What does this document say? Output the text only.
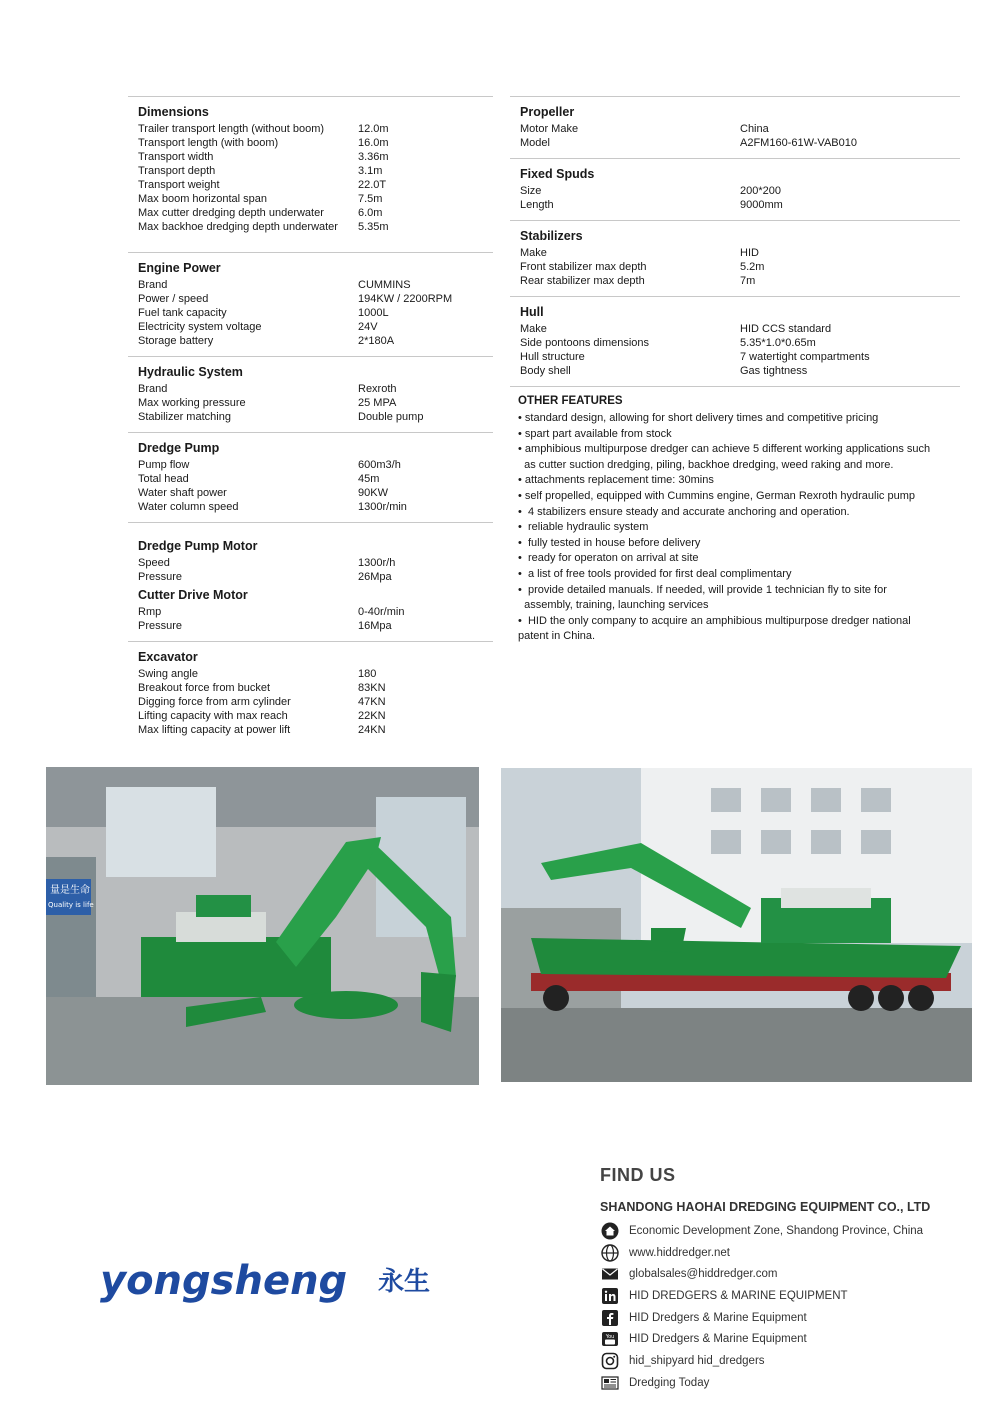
Dimensions
Trailer transport length (without boom)	12.0m
Transport length (with boom)	16.0m
Transport width	3.36m
Transport depth	3.1m
Transport weight	22.0T
Max boom horizontal span	7.5m
Max cutter dredging depth underwater	6.0m
Max backhoe dredging depth underwater	5.35m
Engine Power
Brand	CUMMINS
Power / speed	194KW / 2200RPM
Fuel tank capacity	1000L
Electricity system voltage	24V
Storage battery	2*180A
Hydraulic System
Brand	Rexroth
Max working pressure	25 MPA
Stabilizer matching	Double pump
Dredge Pump
Pump flow	600m3/h
Total head	45m
Water shaft power	90KW
Water column speed	1300r/min
Dredge Pump Motor
Speed	1300r/h
Pressure	26Mpa
Cutter Drive Motor
Rmp	0-40r/min
Pressure	16Mpa
Excavator
Swing angle	180
Breakout force from bucket	83KN
Digging force from arm cylinder	47KN
Lifting capacity with max reach	22KN
Max lifting capacity at power lift	24KN
Propeller
Motor Make	China
Model	A2FM160-61W-VAB010
Fixed Spuds
Size	200*200
Length	9000mm
Stabilizers
Make	HID
Front stabilizer max depth	5.2m
Rear stabilizer max depth	7m
Hull
Make	HID CCS standard
Side pontoons dimensions	5.35*1.0*0.65m
Hull structure	7 watertight compartments
Body shell	Gas tightness
OTHER FEATURES
• standard design, allowing for short delivery times and competitive pricing
• spart part available from stock
• amphibious multipurpose dredger can achieve 5 different working applications such
as cutter suction dredging, piling, backhoe dredging, weed raking and more.
• attachments replacement time: 30mins
• self propelled, equipped with Cummins engine, German Rexroth hydraulic pump
•  4 stabilizers ensure steady and accurate anchoring and operation.
•  reliable hydraulic system
•  fully tested in house before delivery
•  ready for operaton on arrival at site
•  a list of free tools provided for first deal complimentary
•  provide detailed manuals. If needed, will provide 1 technician fly to site for
assembly, training, launching services
•  HID the only company to acquire an amphibious multipurpose dredger national
patent in China.
量是生命
Quality is life
yongsheng 永生
FIND US
SHANDONG HAOHAI DREDGING EQUIPMENT CO., LTD
Economic Development Zone, Shandong Province, China
www.hiddredger.net
globalsales@hiddredger.com
HID DREDGERS & MARINE EQUIPMENT
HID Dredgers & Marine Equipment
You HID Dredgers & Marine Equipment
hid_shipyard hid_dredgers
Dredging Today
